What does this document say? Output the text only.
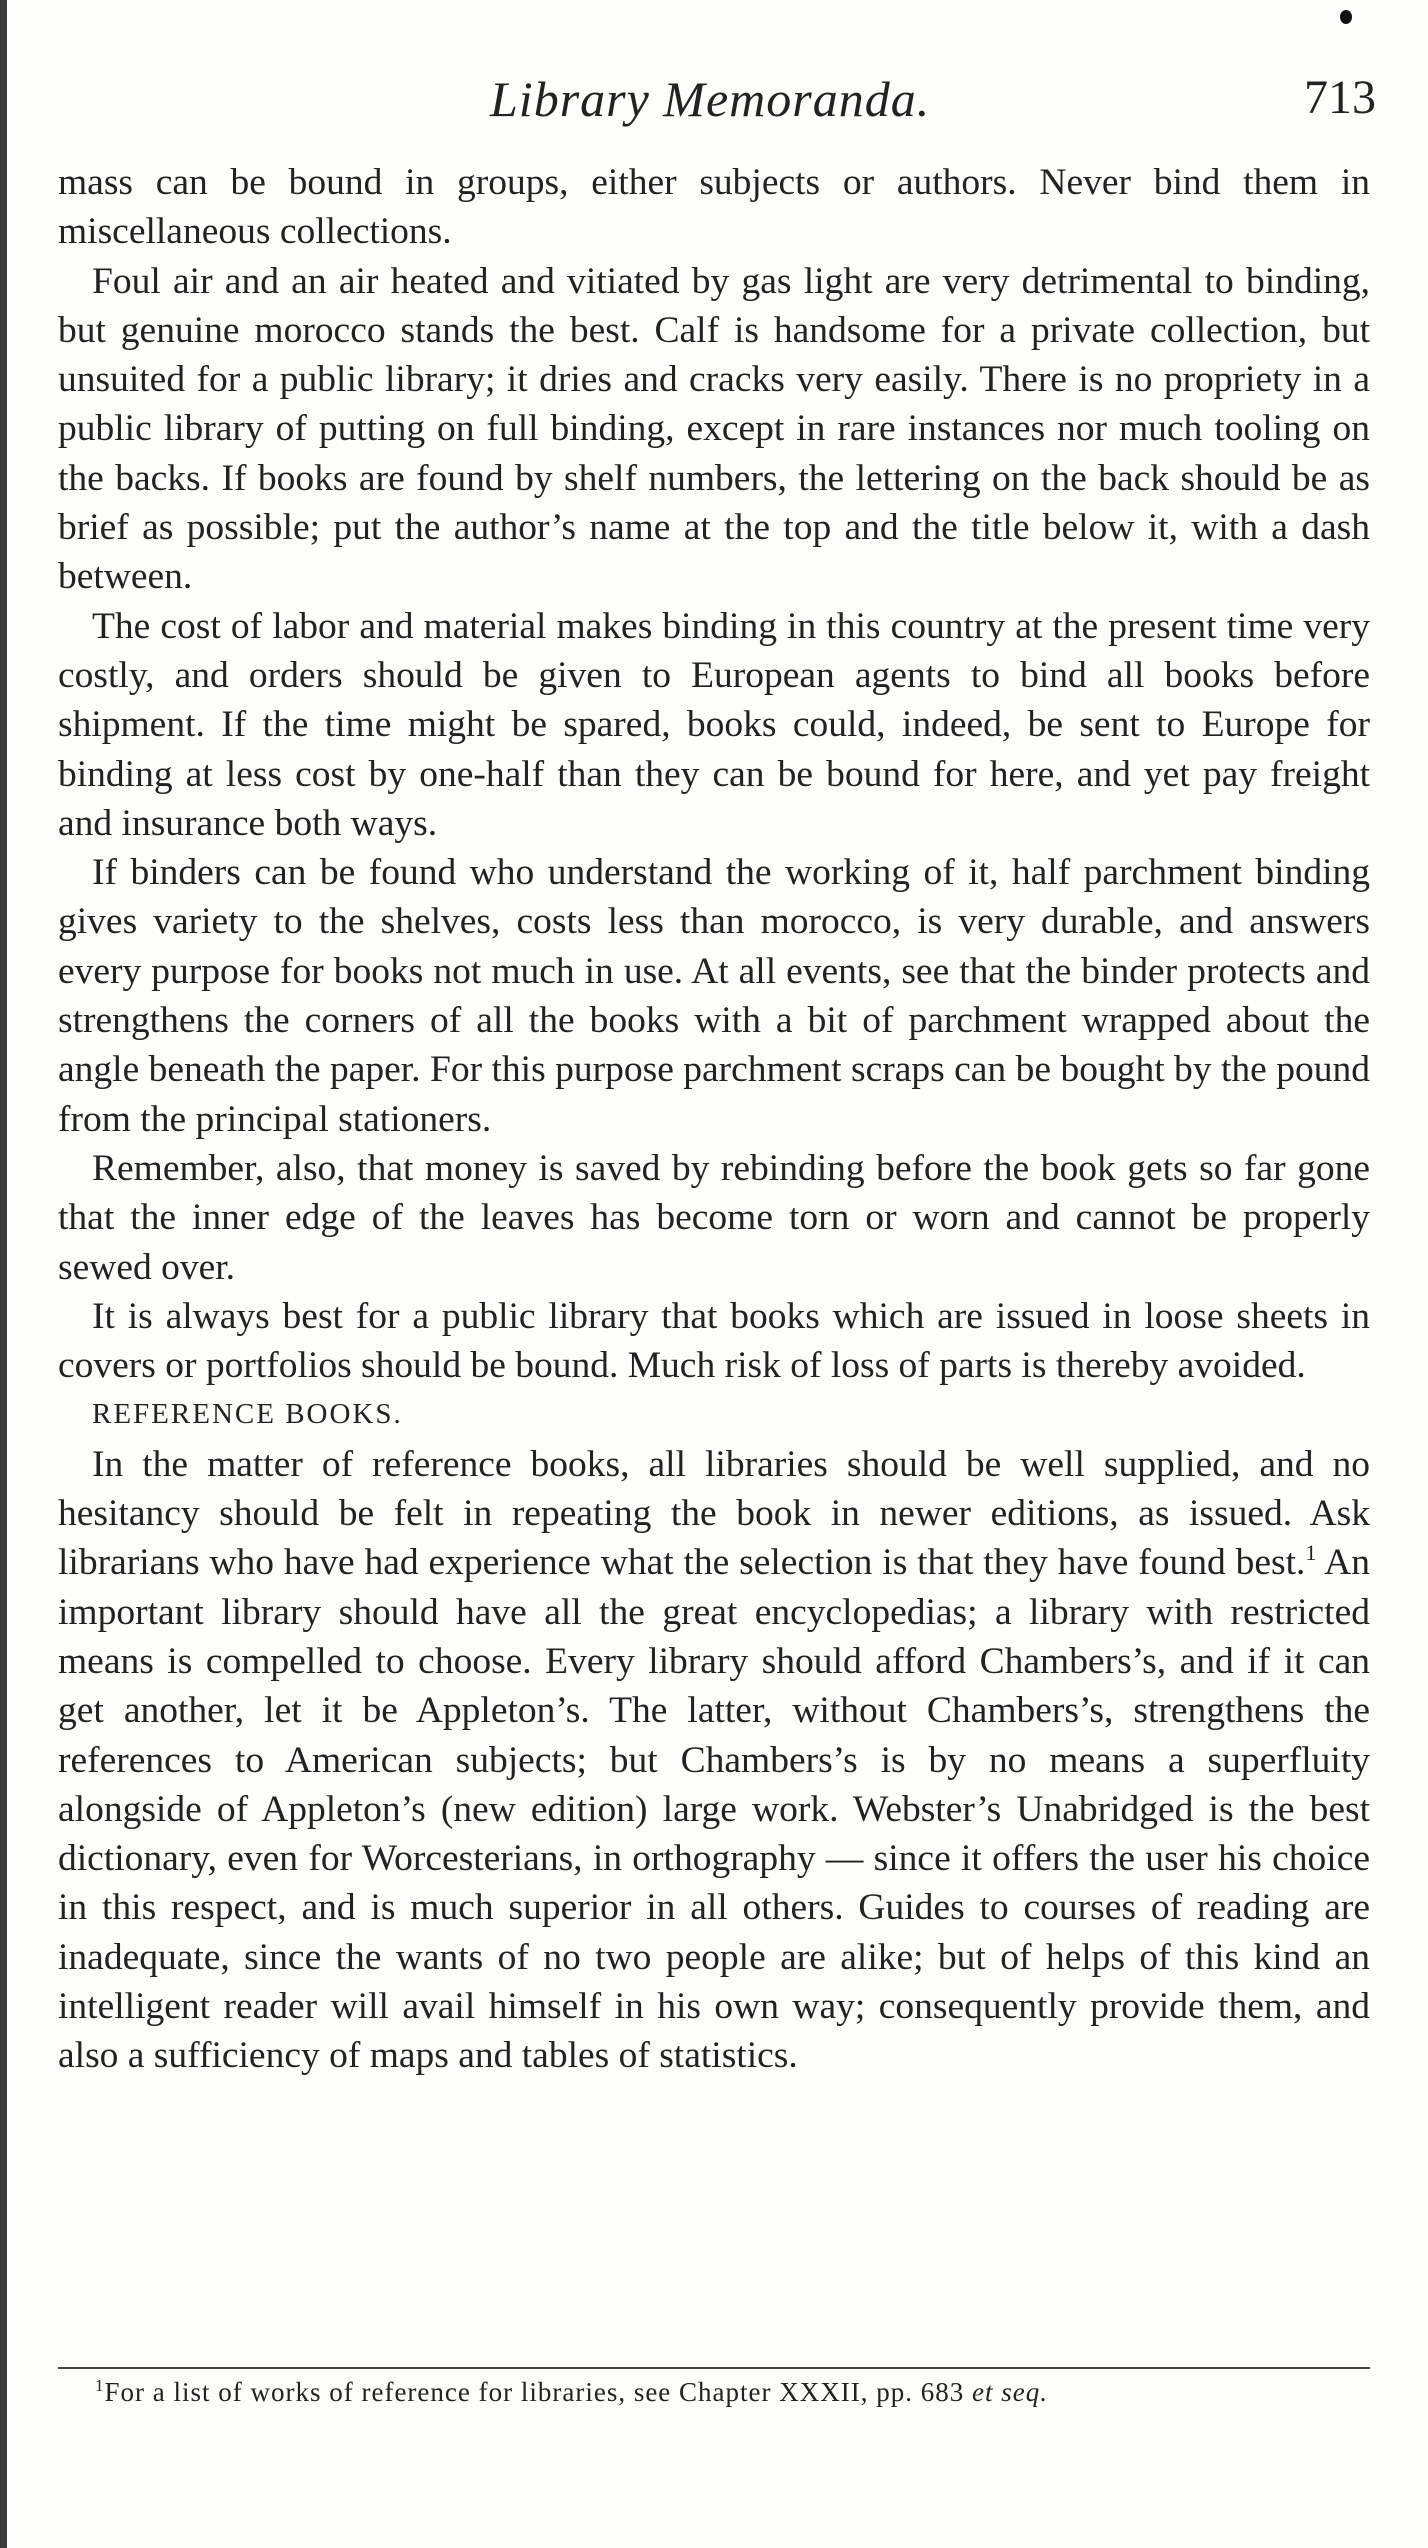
Library Memoranda.	713

mass can be bound in groups, either subjects or authors. Never bind them in miscellaneous collections.

Foul air and an air heated and vitiated by gas light are very detrimental to binding, but genuine morocco stands the best. Calf is handsome for a private collection, but unsuited for a public library; it dries and cracks very easily. There is no propriety in a public library of putting on full binding, except in rare instances nor much tooling on the backs. If books are found by shelf numbers, the lettering on the back should be as brief as possible; put the author’s name at the top and the title below it, with a dash between.

The cost of labor and material makes binding in this country at the present time very costly, and orders should be given to European agents to bind all books before shipment. If the time might be spared, books could, indeed, be sent to Europe for binding at less cost by one-half than they can be bound for here, and yet pay freight and insurance both ways.

If binders can be found who understand the working of it, half parchment binding gives variety to the shelves, costs less than morocco, is very durable, and answers every purpose for books not much in use. At all events, see that the binder protects and strengthens the corners of all the books with a bit of parchment wrapped about the angle beneath the paper. For this purpose parchment scraps can be bought by the pound from the principal stationers.

Remember, also, that money is saved by rebinding before the book gets so far gone that the inner edge of the leaves has become torn or worn and cannot be properly sewed over.

It is always best for a public library that books which are issued in loose sheets in covers or portfolios should be bound. Much risk of loss of parts is thereby avoided.

REFERENCE BOOKS.

In the matter of reference books, all libraries should be well supplied, and no hesitancy should be felt in repeating the book in newer editions, as issued. Ask librarians who have had experience what the selection is that they have found best.$^1$ An important library should have all the great encyclopedias; a library with restricted means is compelled to choose. Every library should afford Chambers’s, and if it can get another, let it be Appleton’s. The latter, without Chambers’s, strengthens the references to American subjects; but Chambers’s is by no means a superfluity alongside of Appleton’s (new edition) large work. Webster’s Unabridged is the best dictionary, even for Worcesterians, in orthography — since it offers the user his choice in this respect, and is much superior in all others. Guides to courses of reading are inadequate, since the wants of no two people are alike; but of helps of this kind an intelligent reader will avail himself in his own way; consequently provide them, and also a sufficiency of maps and tables of statistics.

$^1$For a list of works of reference for libraries, see Chapter XXXII, pp. 683 et seq.
